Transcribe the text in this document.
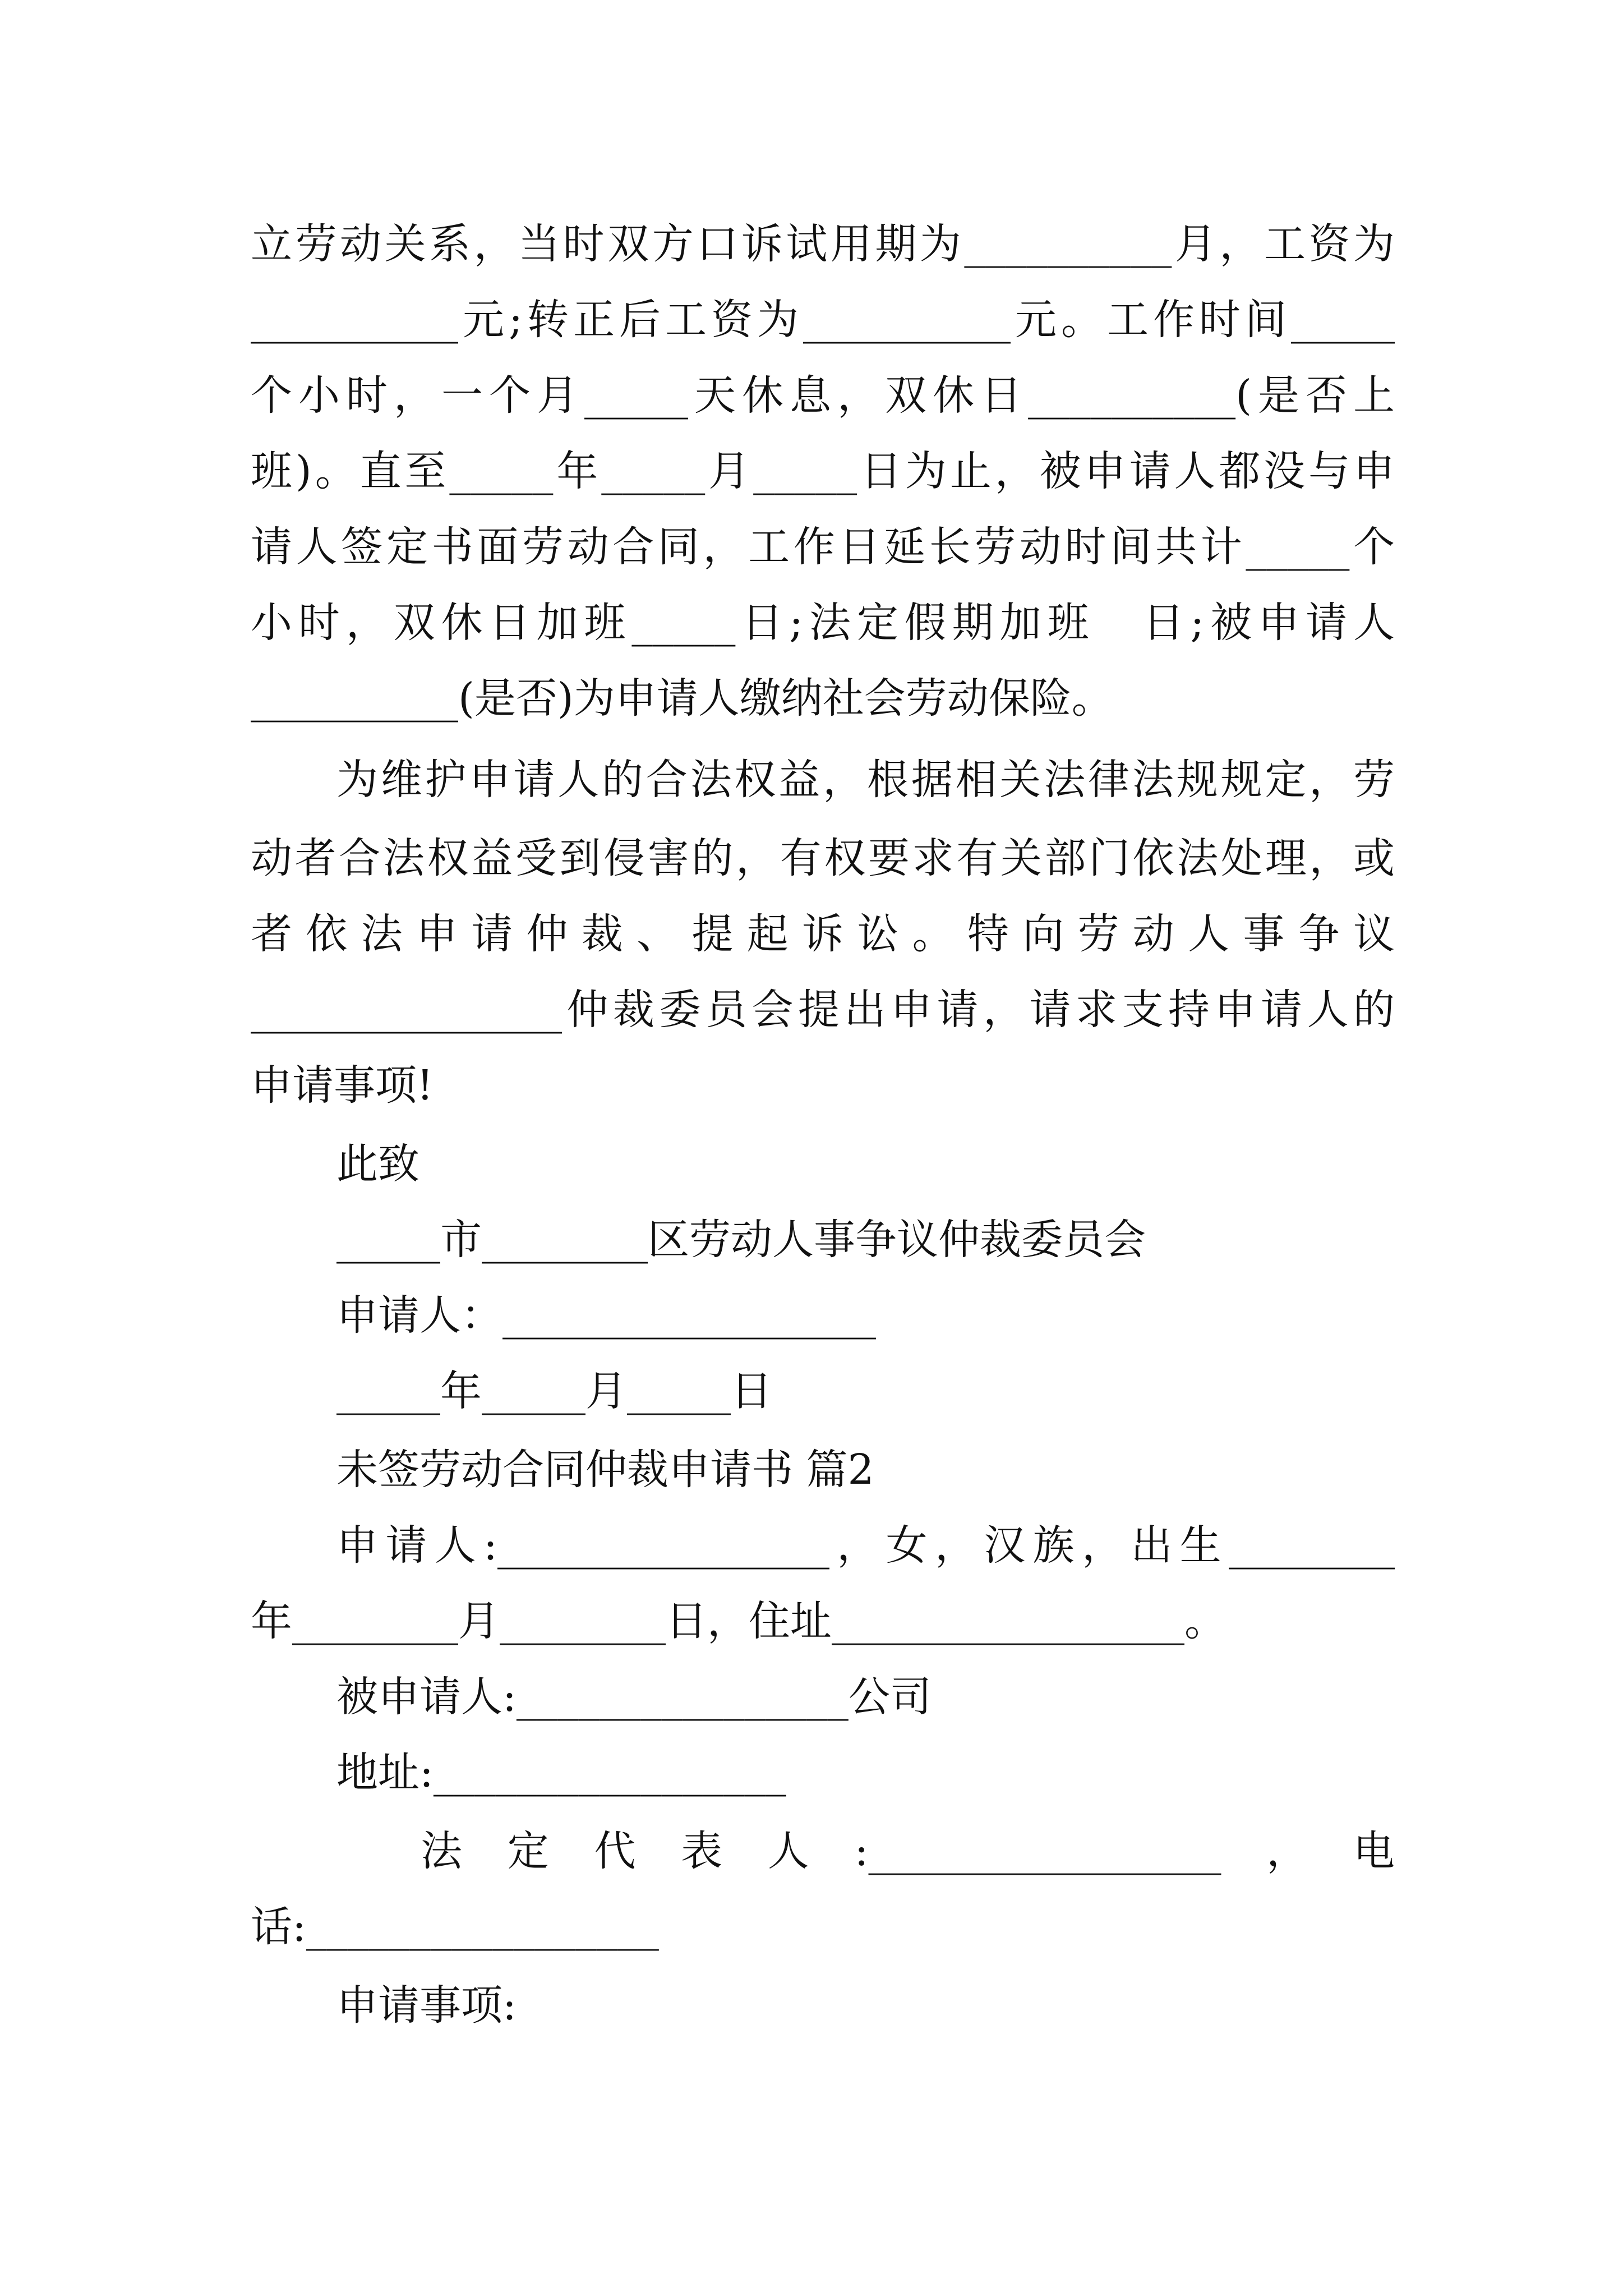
立劳动关系，当时双方口诉试用期为__________月，工资为
__________元;转正后工资为__________元。工作时间_____
个小时，一个月_____天休息，双休日__________(是否上
班)。直至_____年_____月_____日为止，被申请人都没与申
请人签定书面劳动合同，工作日延长劳动时间共计_____个
小时，双休日加班_____日;法定假期加班　日;被申请人
__________(是否)为申请人缴纳社会劳动保险。
为维护申请人的合法权益，根据相关法律法规规定，劳
动者合法权益受到侵害的，有权要求有关部门依法处理，或
者依法申请仲裁、提起诉讼。特向劳动人事争议
_______________仲裁委员会提出申请，请求支持申请人的
申请事项!
此致
_____市________区劳动人事争议仲裁委员会
申请人：__________________
_____年_____月_____日
未签劳动合同仲裁申请书 篇2
申请人:________________，女，汉族，出生________
年________月________日，住址_________________。
被申请人:________________公司
地址:_________________
法定代表人:_________________，电
话:_________________
申请事项:
